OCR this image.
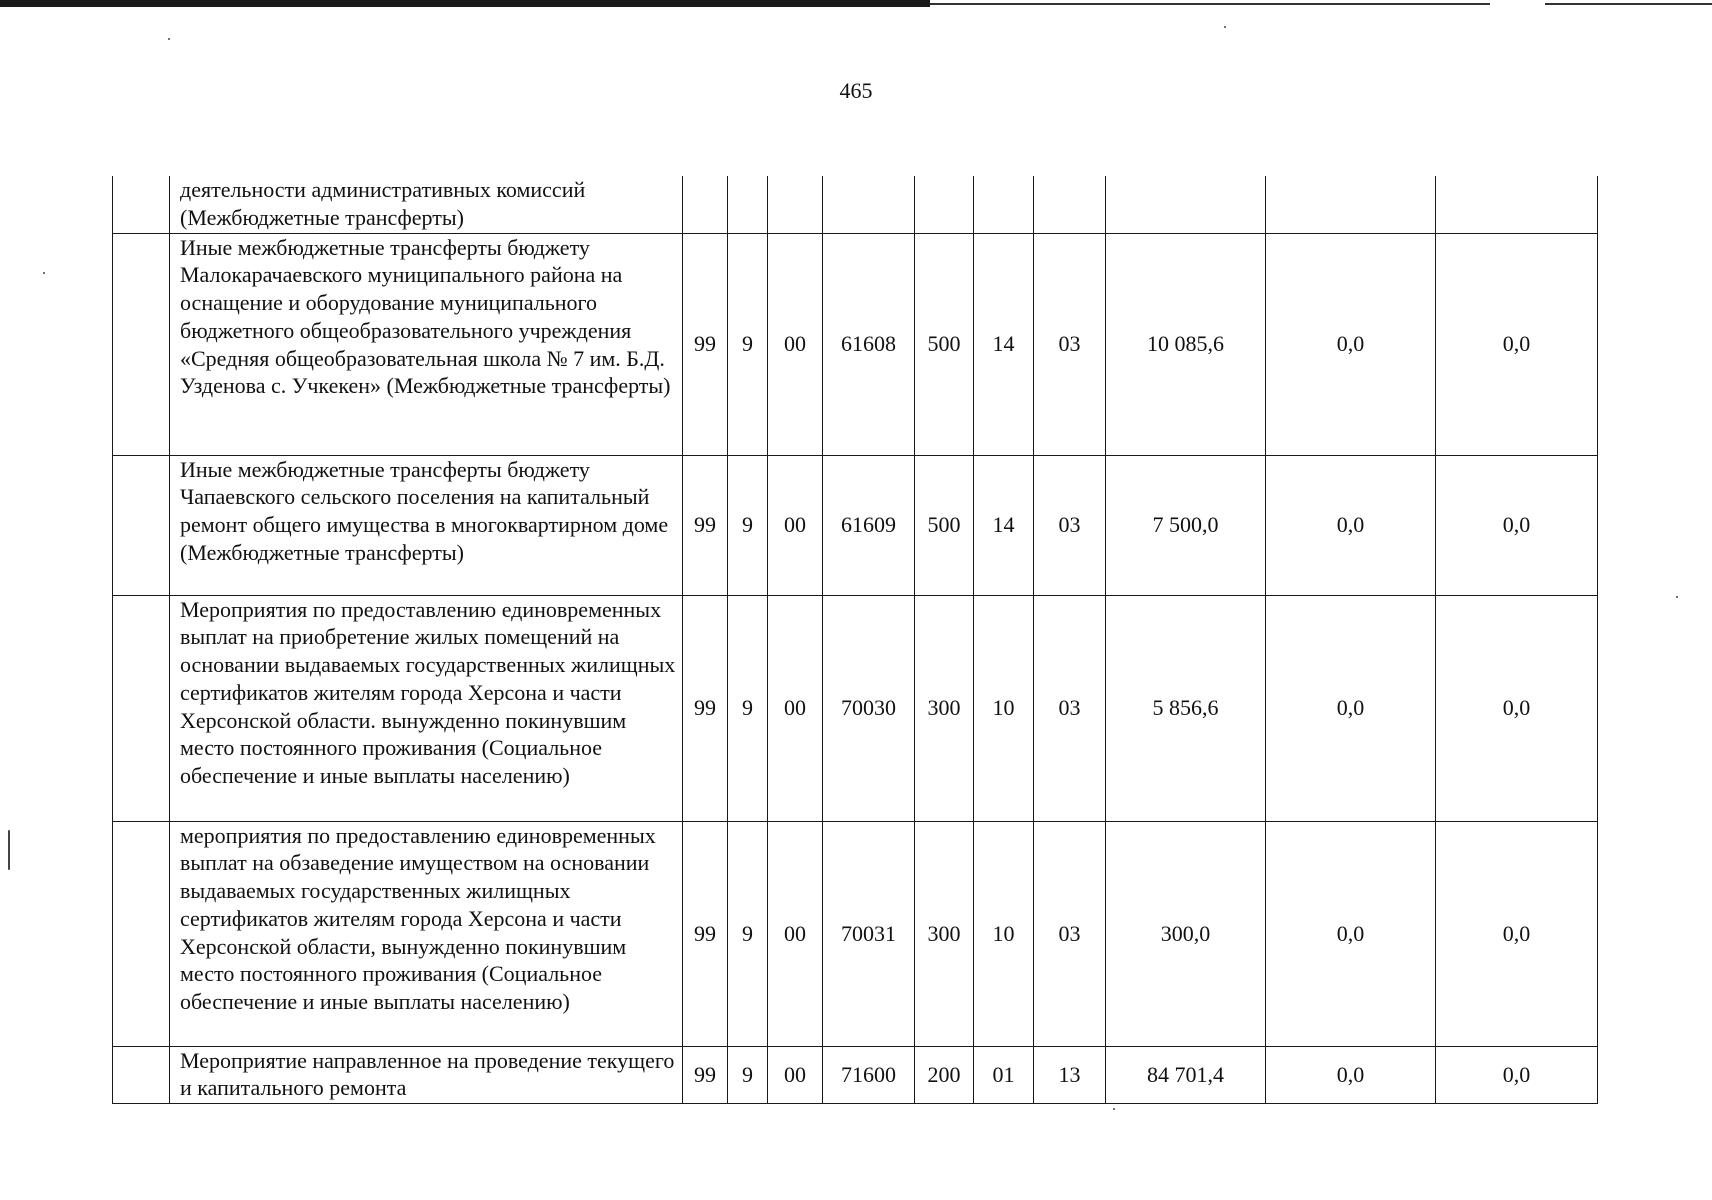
465
	деятельности административных комиссий (Межбюджетные трансферты)										
	Иные межбюджетные трансферты бюджету Малокарачаевского муниципального района на оснащение и оборудование муниципального бюджетного общеобразовательного учреждения «Средняя общеобразовательная школа № 7 им. Б.Д. Узденова с. Учкекен» (Межбюджетные трансферты)	99	9	00	61608	500	14	03	10 085,6	0,0	0,0
	Иные межбюджетные трансферты бюджету Чапаевского сельского поселения на капитальный ремонт общего имущества в многоквартирном доме (Межбюджетные трансферты)	99	9	00	61609	500	14	03	7 500,0	0,0	0,0
	Мероприятия по предоставлению единовременных выплат на приобретение жилых помещений на основании выдаваемых государственных жилищных сертификатов жителям города Херсона и части Херсонской области. вынужденно покинувшим место постоянного проживания (Социальное обеспечение и иные выплаты населению)	99	9	00	70030	300	10	03	5 856,6	0,0	0,0
	мероприятия по предоставлению единовременных выплат на обзаведение имуществом на основании выдаваемых государственных жилищных сертификатов жителям города Херсона и части Херсонской области, вынужденно покинувшим место постоянного проживания (Социальное обеспечение и иные выплаты населению)	99	9	00	70031	300	10	03	300,0	0,0	0,0
	Мероприятие направленное на проведение текущего и капитального ремонта	99	9	00	71600	200	01	13	84 701,4	0,0	0,0
